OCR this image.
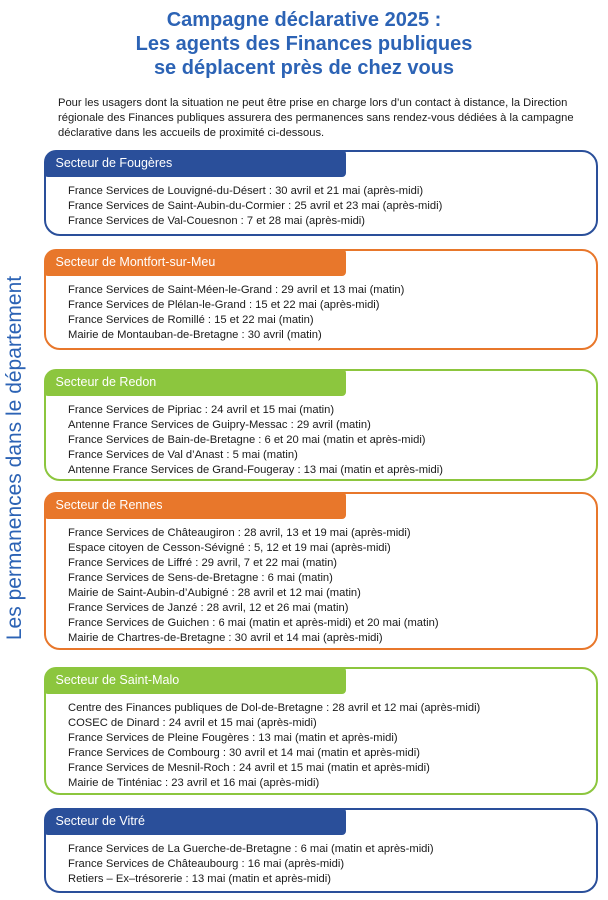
Campagne déclarative 2025 :
Les agents des Finances publiques
se déplacent près de chez vous
Pour les usagers dont la situation ne peut être prise en charge lors d’un contact à distance, la Direction régionale des Finances publiques assurera des permanences sans rendez-vous dédiées à la campagne déclarative dans les accueils de proximité ci-dessous.
Les permanences dans le département
Secteur de Fougères
France Services de Louvigné-du-Désert : 30 avril et 21 mai (après-midi)
France Services de Saint-Aubin-du-Cormier : 25 avril et 23 mai (après-midi)
France Services de Val-Couesnon : 7 et 28 mai (après-midi)
Secteur de Montfort-sur-Meu
France Services de Saint-Méen-le-Grand : 29 avril et 13 mai (matin)
France Services de Plélan-le-Grand : 15 et 22 mai (après-midi)
France Services de Romillé : 15 et 22 mai (matin)
Mairie de Montauban-de-Bretagne : 30 avril (matin)
Secteur de Redon
France Services de Pipriac : 24 avril et 15 mai (matin)
Antenne France Services de Guipry-Messac : 29 avril (matin)
France Services de Bain-de-Bretagne : 6 et 20 mai (matin et après-midi)
France Services de Val d’Anast : 5 mai (matin)
Antenne France Services de Grand-Fougeray : 13 mai (matin et après-midi)
Secteur de Rennes
France Services de Châteaugiron : 28 avril, 13 et 19 mai (après-midi)
Espace citoyen de Cesson-Sévigné : 5, 12 et 19 mai (après-midi)
France Services de Liffré : 29 avril, 7 et 22 mai (matin)
France Services de Sens-de-Bretagne : 6 mai (matin)
Mairie de Saint-Aubin-d’Aubigné : 28 avril et 12 mai (matin)
France Services de Janzé : 28 avril, 12 et 26 mai (matin)
France Services de Guichen : 6 mai (matin et après-midi) et 20 mai (matin)
Mairie de Chartres-de-Bretagne : 30 avril et 14 mai (après-midi)
Secteur de Saint-Malo
Centre des Finances publiques de Dol-de-Bretagne : 28 avril et 12 mai (après-midi)
COSEC de Dinard : 24 avril et 15 mai (après-midi)
France Services de Pleine Fougères : 13 mai (matin et après-midi)
France Services de Combourg : 30 avril et 14 mai (matin et après-midi)
France Services de Mesnil-Roch : 24 avril et 15 mai (matin et après-midi)
Mairie de Tinténiac : 23 avril et 16 mai (après-midi)
Secteur de Vitré
France Services de La Guerche-de-Bretagne : 6 mai (matin et après-midi)
France Services de Châteaubourg : 16 mai (après-midi)
Retiers – Ex–trésorerie : 13 mai (matin et après-midi)
